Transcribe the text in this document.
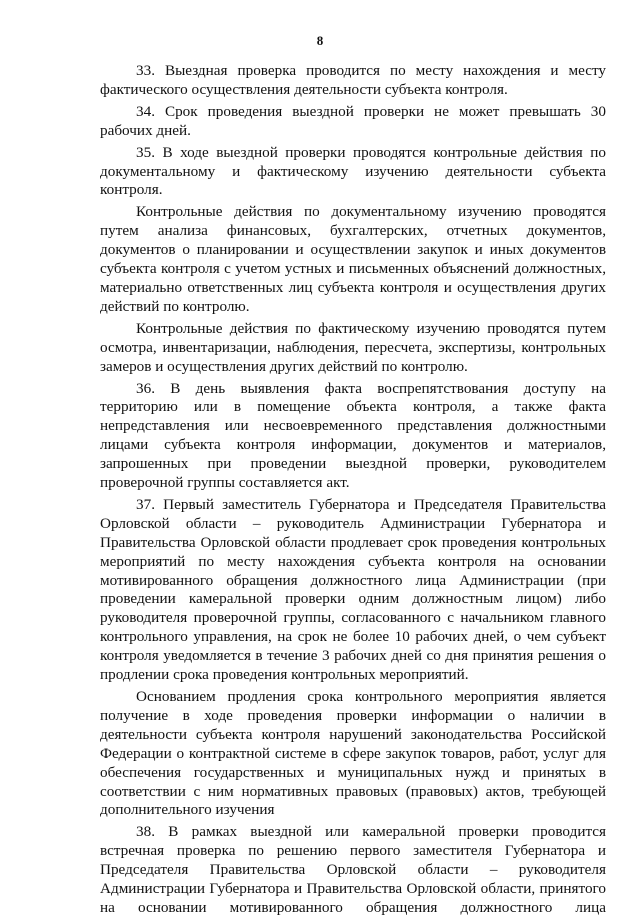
8

33. Выездная проверка проводится по месту нахождения и месту фактического осуществления деятельности субъекта контроля.

34. Срок проведения выездной проверки не может превышать 30 рабочих дней.

35. В ходе выездной проверки проводятся контрольные действия по документальному и фактическому изучению деятельности субъекта контроля.

Контрольные действия по документальному изучению проводятся путем анализа финансовых, бухгалтерских, отчетных документов, документов о планировании и осуществлении закупок и иных документов субъекта контроля с учетом устных и письменных объяснений должностных, материально ответственных лиц субъекта контроля и осуществления других действий по контролю.

Контрольные действия по фактическому изучению проводятся путем осмотра, инвентаризации, наблюдения, пересчета, экспертизы, контрольных замеров и осуществления других действий по контролю.

36. В день выявления факта воспрепятствования доступу на территорию или в помещение объекта контроля, а также факта непредставления или несвоевременного представления должностными лицами субъекта контроля информации, документов и материалов, запрошенных при проведении выездной проверки, руководителем проверочной группы составляется акт.

37. Первый заместитель Губернатора и Председателя Правительства Орловской области – руководитель Администрации Губернатора и Правительства Орловской области продлевает срок проведения контрольных мероприятий по месту нахождения субъекта контроля на основании мотивированного обращения должностного лица Администрации (при проведении камеральной проверки одним должностным лицом) либо руководителя проверочной группы, согласованного с начальником главного контрольного управления, на срок не более 10 рабочих дней, о чем субъект контроля уведомляется в течение 3 рабочих дней со дня принятия решения о продлении срока проведения контрольных мероприятий.

Основанием продления срока контрольного мероприятия является получение в ходе проведения проверки информации о наличии в деятельности субъекта контроля нарушений законодательства Российской Федерации о контрактной системе в сфере закупок товаров, работ, услуг для обеспечения государственных и муниципальных нужд и принятых в соответствии с ним нормативных правовых (правовых) актов, требующей дополнительного изучения

38. В рамках выездной или камеральной проверки проводится встречная проверка по решению первого заместителя Губернатора и Председателя Правительства Орловской области – руководителя Администрации Губернатора и Правительства Орловской области, принятого на основании мотивированного обращения должностного лица
